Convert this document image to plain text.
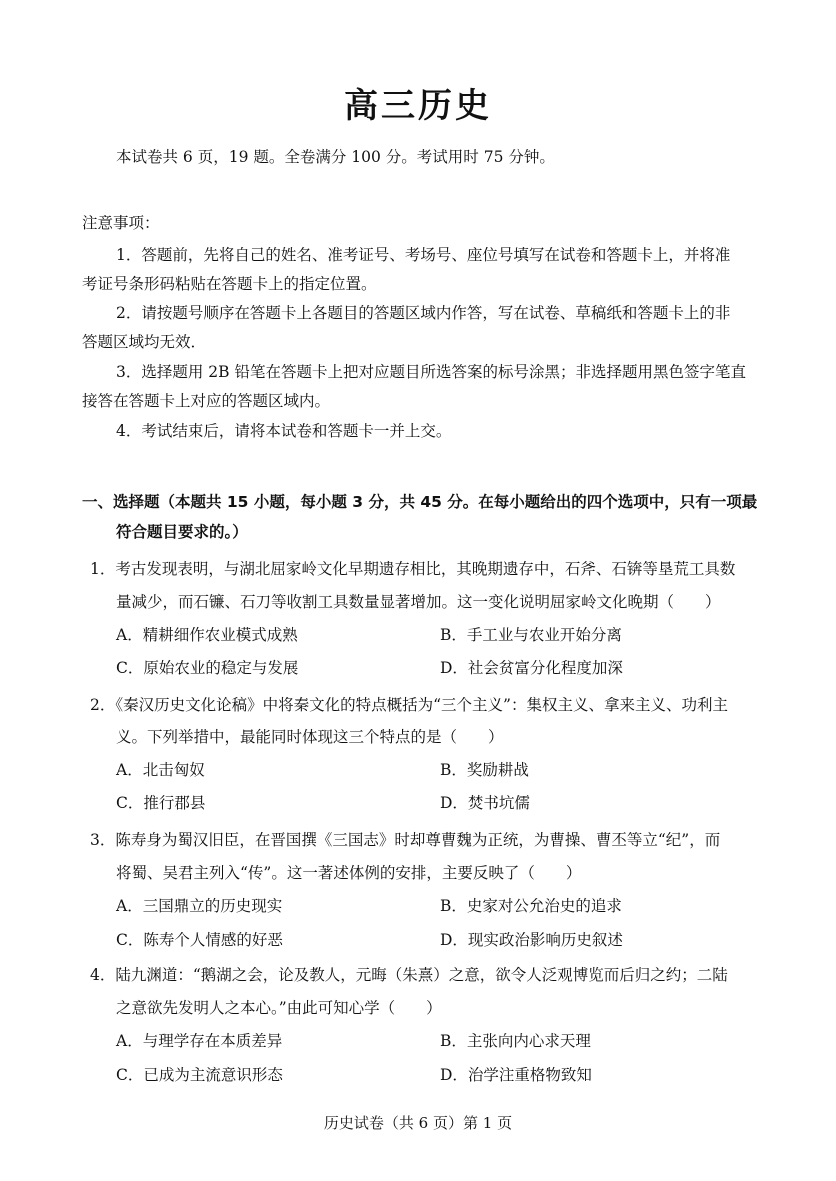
高三历史
本试卷共 6 页，19 题。全卷满分 100 分。考试用时 75 分钟。
注意事项：
1．答题前，先将自己的姓名、准考证号、考场号、座位号填写在试卷和答题卡上，并将准
考证号条形码粘贴在答题卡上的指定位置。
2．请按题号顺序在答题卡上各题目的答题区域内作答，写在试卷、草稿纸和答题卡上的非
答题区域均无效．
3．选择题用 2B 铅笔在答题卡上把对应题目所选答案的标号涂黑；非选择题用黑色签字笔直
接答在答题卡上对应的答题区域内。
4．考试结束后，请将本试卷和答题卡一并上交。
一、选择题（本题共 15 小题，每小题 3 分，共 45 分。在每小题给出的四个选项中，只有一项最
符合题目要求的。）
1．考古发现表明，与湖北屈家岭文化早期遗存相比，其晚期遗存中，石斧、石锛等垦荒工具数
量减少，而石镰、石刀等收割工具数量显著增加。这一变化说明屈家岭文化晚期（　　）
A．精耕细作农业模式成熟	B．手工业与农业开始分离
C．原始农业的稳定与发展	D．社会贫富分化程度加深
2．《秦汉历史文化论稿》中将秦文化的特点概括为“三个主义”：集权主义、拿来主义、功利主
义。下列举措中，最能同时体现这三个特点的是（　　）
A．北击匈奴	B．奖励耕战
C．推行郡县	D．焚书坑儒
3．陈寿身为蜀汉旧臣，在晋国撰《三国志》时却尊曹魏为正统，为曹操、曹丕等立“纪”，而
将蜀、吴君主列入“传”。这一著述体例的安排，主要反映了（　　）
A．三国鼎立的历史现实	B．史家对公允治史的追求
C．陈寿个人情感的好恶	D．现实政治影响历史叙述
4．陆九渊道：“鹅湖之会，论及教人，元晦（朱熹）之意，欲令人泛观博览而后归之约；二陆
之意欲先发明人之本心。”由此可知心学（　　）
A．与理学存在本质差异	B．主张向内心求天理
C．已成为主流意识形态	D．治学注重格物致知
历史试卷（共 6 页）第 1 页
